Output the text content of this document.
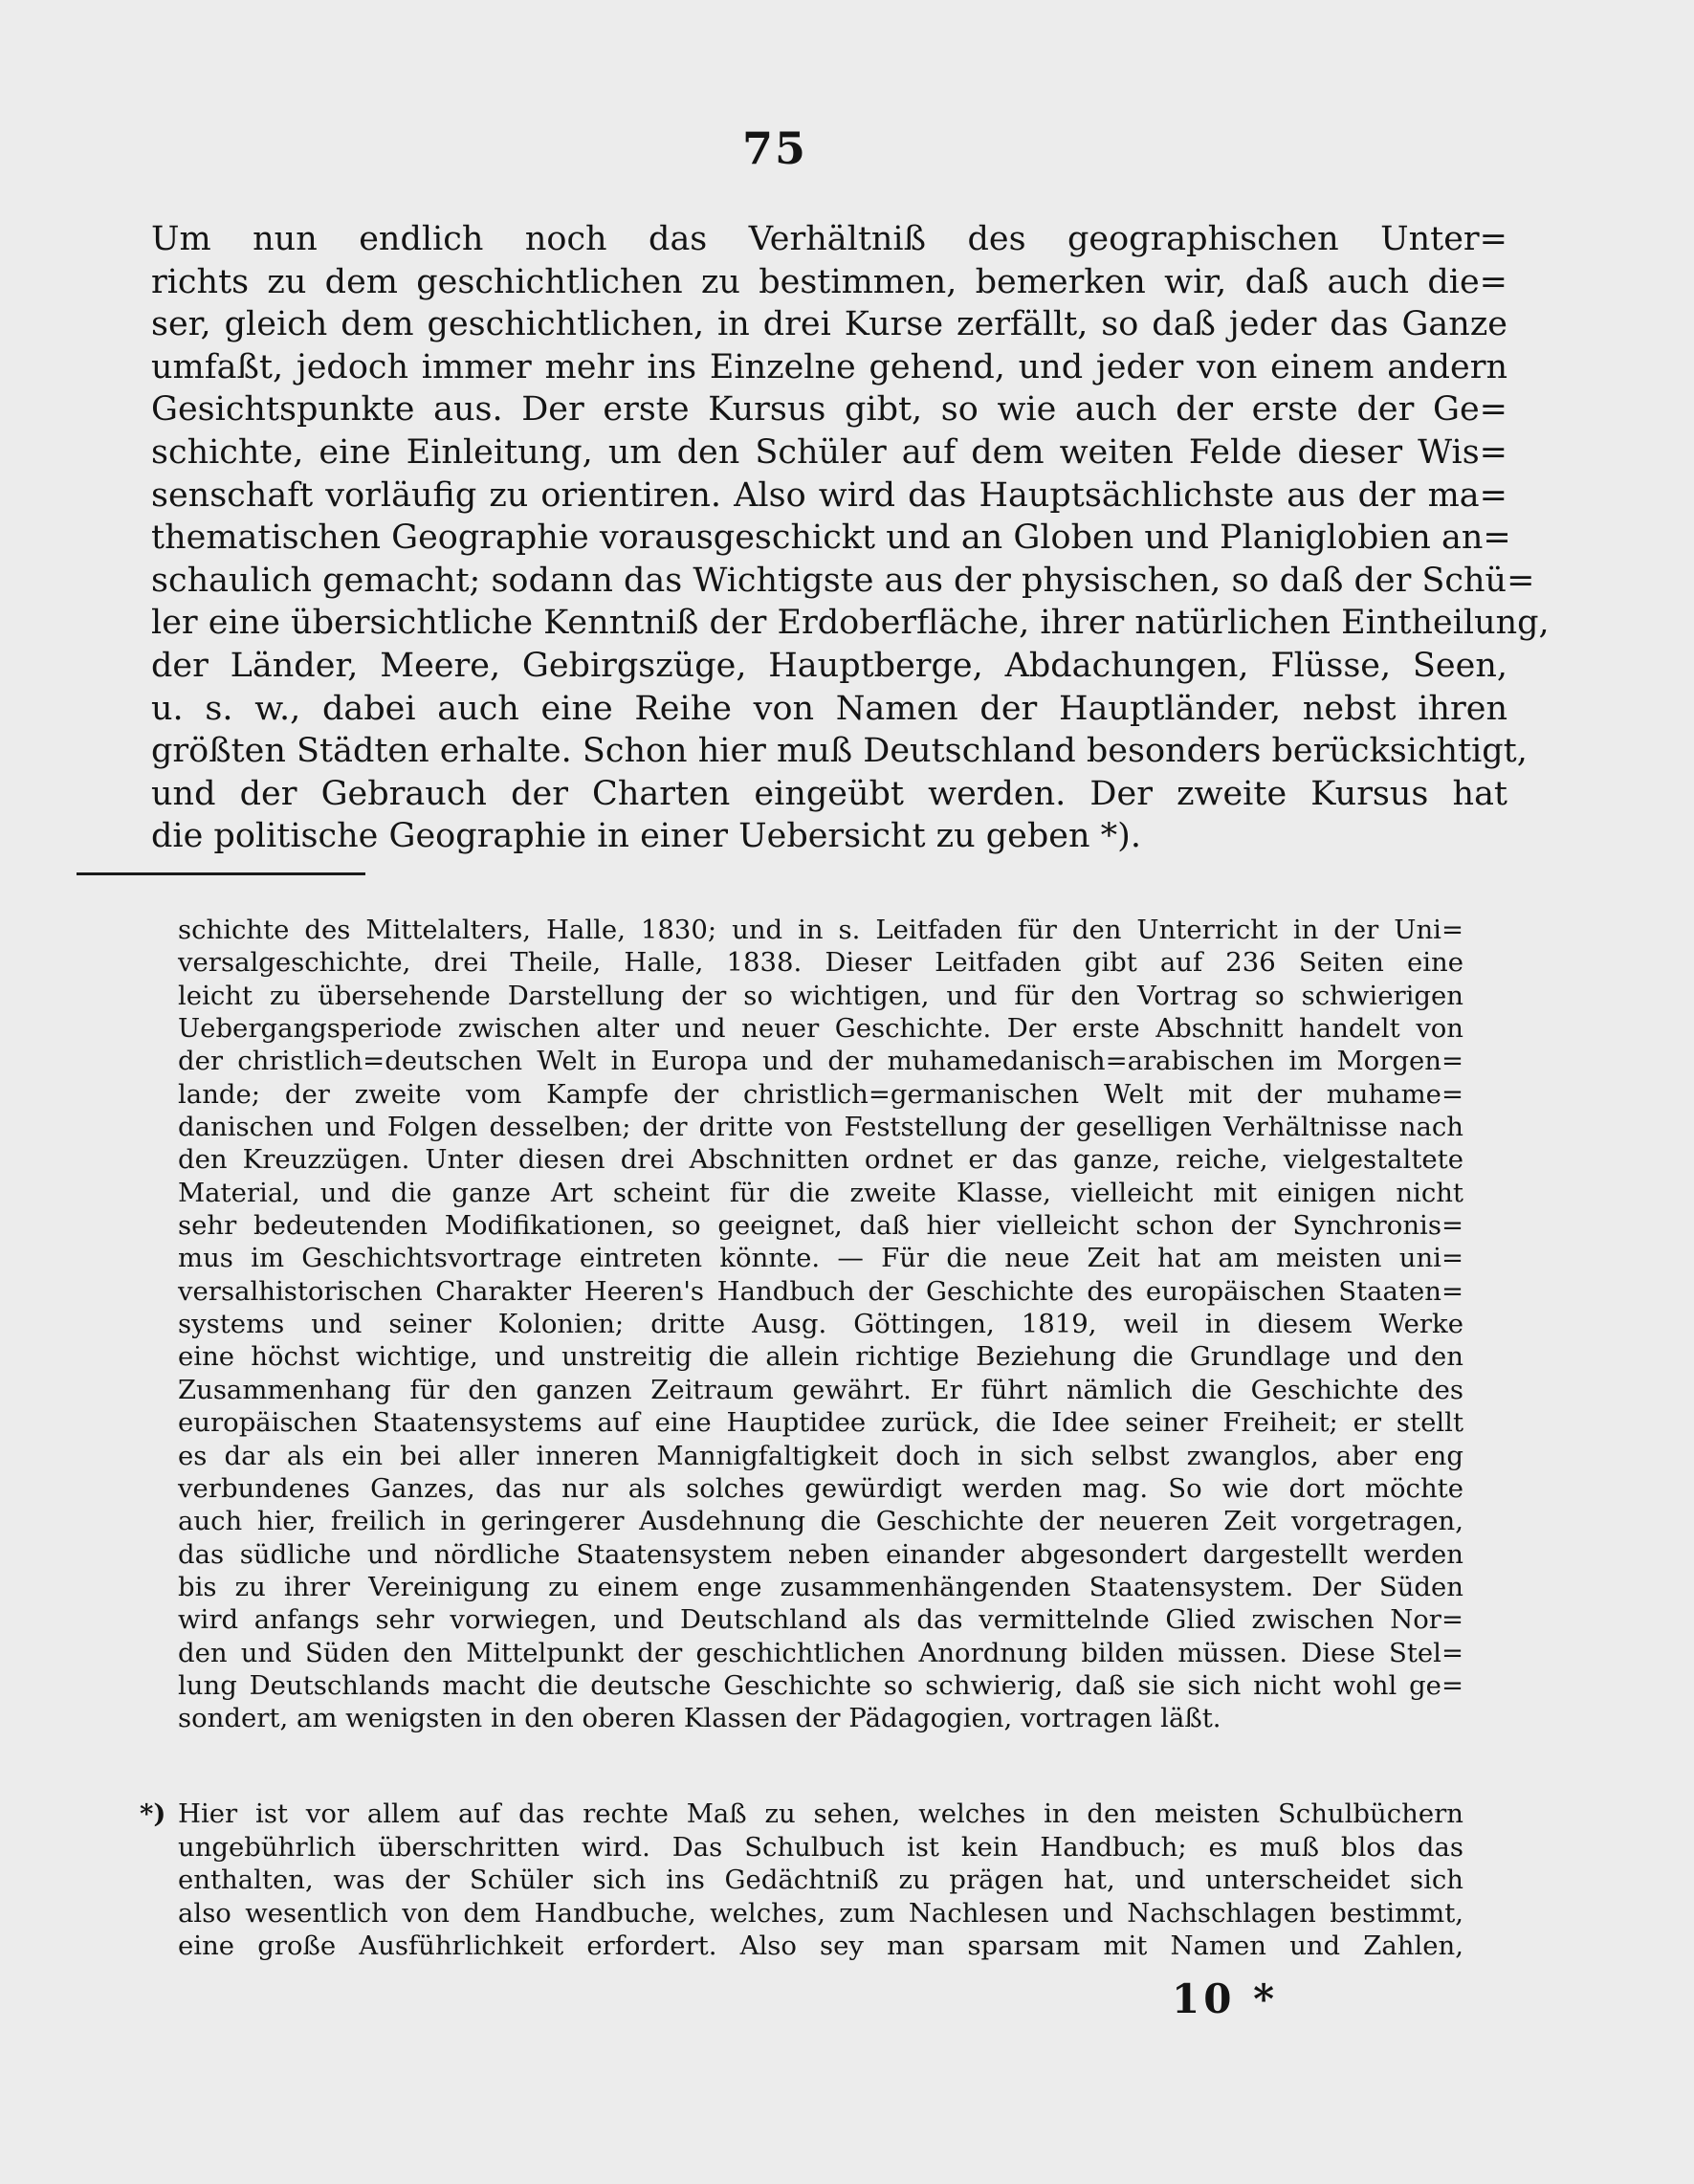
75
Um nun endlich noch das Verhältniß des geographischen Unter=
richts zu dem geschichtlichen zu bestimmen, bemerken wir, daß auch die=
ser, gleich dem geschichtlichen, in drei Kurse zerfällt, so daß jeder das Ganze
umfaßt, jedoch immer mehr ins Einzelne gehend, und jeder von einem andern
Gesichtspunkte aus. Der erste Kursus gibt, so wie auch der erste der Ge=
schichte, eine Einleitung, um den Schüler auf dem weiten Felde dieser Wis=
senschaft vorläufig zu orientiren. Also wird das Hauptsächlichste aus der ma=
thematischen Geographie vorausgeschickt und an Globen und Planiglobien an=
schaulich gemacht; sodann das Wichtigste aus der physischen, so daß der Schü=
ler eine übersichtliche Kenntniß der Erdoberfläche, ihrer natürlichen Eintheilung,
der Länder, Meere, Gebirgszüge, Hauptberge, Abdachungen, Flüsse, Seen,
u. s. w., dabei auch eine Reihe von Namen der Hauptländer, nebst ihren
größten Städten erhalte. Schon hier muß Deutschland besonders berücksichtigt,
und der Gebrauch der Charten eingeübt werden. Der zweite Kursus hat
die politische Geographie in einer Uebersicht zu geben *).
schichte des Mittelalters, Halle, 1830; und in s. Leitfaden für den Unterricht in der Uni=
versalgeschichte, drei Theile, Halle, 1838. Dieser Leitfaden gibt auf 236 Seiten eine
leicht zu übersehende Darstellung der so wichtigen, und für den Vortrag so schwierigen
Uebergangsperiode zwischen alter und neuer Geschichte. Der erste Abschnitt handelt von
der christlich=deutschen Welt in Europa und der muhamedanisch=arabischen im Morgen=
lande; der zweite vom Kampfe der christlich=germanischen Welt mit der muhame=
danischen und Folgen desselben; der dritte von Feststellung der geselligen Verhältnisse nach
den Kreuzzügen. Unter diesen drei Abschnitten ordnet er das ganze, reiche, vielgestaltete
Material, und die ganze Art scheint für die zweite Klasse, vielleicht mit einigen nicht
sehr bedeutenden Modifikationen, so geeignet, daß hier vielleicht schon der Synchronis=
mus im Geschichtsvortrage eintreten könnte. — Für die neue Zeit hat am meisten uni=
versalhistorischen Charakter Heeren's Handbuch der Geschichte des europäischen Staaten=
systems und seiner Kolonien; dritte Ausg. Göttingen, 1819, weil in diesem Werke
eine höchst wichtige, und unstreitig die allein richtige Beziehung die Grundlage und den
Zusammenhang für den ganzen Zeitraum gewährt. Er führt nämlich die Geschichte des
europäischen Staatensystems auf eine Hauptidee zurück, die Idee seiner Freiheit; er stellt
es dar als ein bei aller inneren Mannigfaltigkeit doch in sich selbst zwanglos, aber eng
verbundenes Ganzes, das nur als solches gewürdigt werden mag. So wie dort möchte
auch hier, freilich in geringerer Ausdehnung die Geschichte der neueren Zeit vorgetragen,
das südliche und nördliche Staatensystem neben einander abgesondert dargestellt werden
bis zu ihrer Vereinigung zu einem enge zusammenhängenden Staatensystem. Der Süden
wird anfangs sehr vorwiegen, und Deutschland als das vermittelnde Glied zwischen Nor=
den und Süden den Mittelpunkt der geschichtlichen Anordnung bilden müssen. Diese Stel=
lung Deutschlands macht die deutsche Geschichte so schwierig, daß sie sich nicht wohl ge=
sondert, am wenigsten in den oberen Klassen der Pädagogien, vortragen läßt.
*) Hier ist vor allem auf das rechte Maß zu sehen, welches in den meisten Schulbüchern
ungebührlich überschritten wird. Das Schulbuch ist kein Handbuch; es muß blos das
enthalten, was der Schüler sich ins Gedächtniß zu prägen hat, und unterscheidet sich
also wesentlich von dem Handbuche, welches, zum Nachlesen und Nachschlagen bestimmt,
eine große Ausführlichkeit erfordert. Also sey man sparsam mit Namen und Zahlen,
10 *
